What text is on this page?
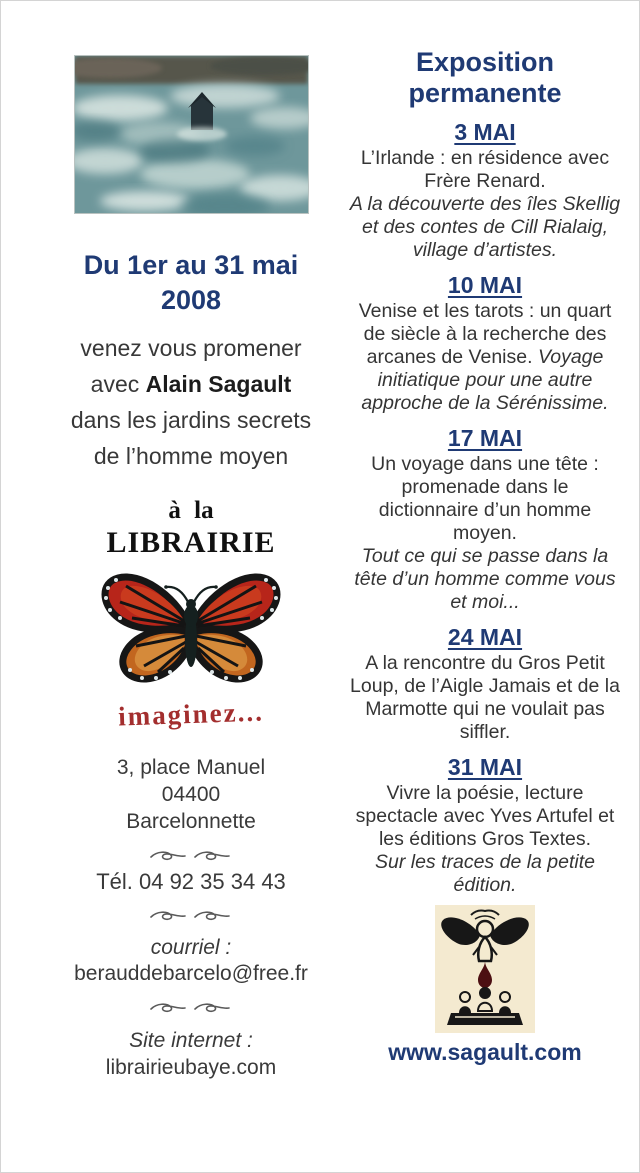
Du 1er au 31 mai
2008
venez vous promener
avec Alain Sagault
dans les jardins secrets
de l’homme moyen
à la
LIBRAIRIE
imaginez...
3, place Manuel
04400
Barcelonnette
Tél. 04 92 35 34 43
courriel :
berauddebarcelo@free.fr
Site internet :
librairieubaye.com
Exposition
permanente
3 MAI

L’Irlande : en résidence avec Frère Renard.
A la découverte des îles Skellig et des contes de Cill Rialaig, village d’artistes.

10 MAI

Venise et les tarots : un quart de siècle à la recherche des arcanes de Venise. Voyage initiatique pour une autre approche de la Sérénissime.

17 MAI

Un voyage dans une tête : promenade dans le dictionnaire d’un homme moyen.
Tout ce qui se passe dans la tête d’un homme comme vous et moi...

24 MAI

A la rencontre du Gros Petit Loup, de l’Aigle Jamais et de la Marmotte qui ne voulait pas siffler.

31 MAI

Vivre la poésie, lecture spectacle avec Yves Artufel et les éditions Gros Textes.
Sur les traces de la petite édition.

www.sagault.com
